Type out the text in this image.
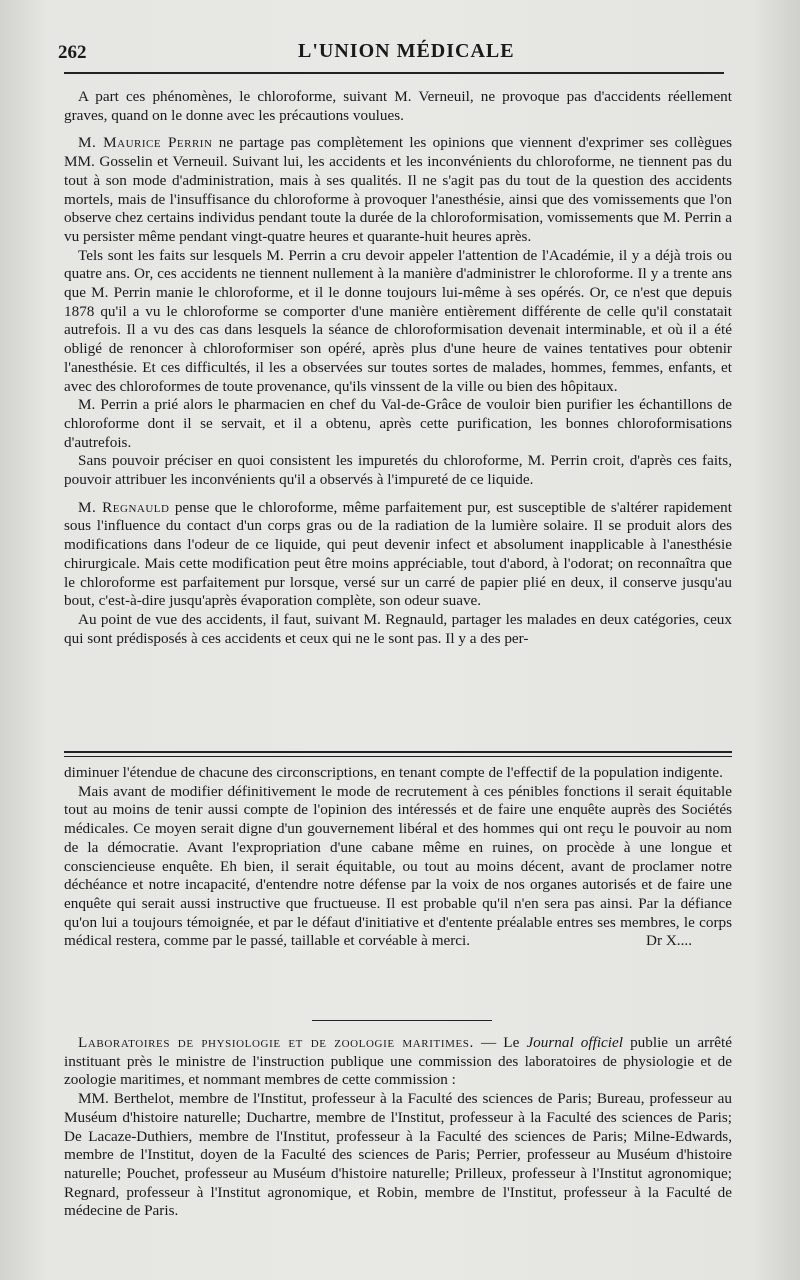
262	L'UNION MÉDICALE

A part ces phénomènes, le chloroforme, suivant M. Verneuil, ne provoque pas d'accidents réellement graves, quand on le donne avec les précautions voulues.

M. Maurice Perrin ne partage pas complètement les opinions que viennent d'exprimer ses collègues MM. Gosselin et Verneuil. Suivant lui, les accidents et les inconvénients du chloroforme, ne tiennent pas du tout à son mode d'administration, mais à ses qualités. Il ne s'agit pas du tout de la question des accidents mortels, mais de l'insuffisance du chloroforme à provoquer l'anesthésie, ainsi que des vomissements que l'on observe chez certains individus pendant toute la durée de la chloroformisation, vomissements que M. Perrin a vu persister même pendant vingt-quatre heures et quarante-huit heures après.

Tels sont les faits sur lesquels M. Perrin a cru devoir appeler l'attention de l'Académie, il y a déjà trois ou quatre ans. Or, ces accidents ne tiennent nullement à la manière d'administrer le chloroforme. Il y a trente ans que M. Perrin manie le chloroforme, et il le donne toujours lui-même à ses opérés. Or, ce n'est que depuis 1878 qu'il a vu le chloroforme se comporter d'une manière entièrement différente de celle qu'il constatait autrefois. Il a vu des cas dans lesquels la séance de chloroformisation devenait interminable, et où il a été obligé de renoncer à chloroformiser son opéré, après plus d'une heure de vaines tentatives pour obtenir l'anesthésie. Et ces difficultés, il les a observées sur toutes sortes de malades, hommes, femmes, enfants, et avec des chloroformes de toute provenance, qu'ils vinssent de la ville ou bien des hôpitaux.

M. Perrin a prié alors le pharmacien en chef du Val-de-Grâce de vouloir bien purifier les échantillons de chloroforme dont il se servait, et il a obtenu, après cette purification, les bonnes chloroformisations d'autrefois.

Sans pouvoir préciser en quoi consistent les impuretés du chloroforme, M. Perrin croit, d'après ces faits, pouvoir attribuer les inconvénients qu'il a observés à l'impureté de ce liquide.

M. Regnauld pense que le chloroforme, même parfaitement pur, est susceptible de s'altérer rapidement sous l'influence du contact d'un corps gras ou de la radiation de la lumière solaire. Il se produit alors des modifications dans l'odeur de ce liquide, qui peut devenir infect et absolument inapplicable à l'anesthésie chirurgicale. Mais cette modification peut être moins appréciable, tout d'abord, à l'odorat; on reconnaîtra que le chloroforme est parfaitement pur lorsque, versé sur un carré de papier plié en deux, il conserve jusqu'au bout, c'est-à-dire jusqu'après évaporation complète, son odeur suave.

Au point de vue des accidents, il faut, suivant M. Regnauld, partager les malades en deux catégories, ceux qui sont prédisposés à ces accidents et ceux qui ne le sont pas. Il y a des per-

diminuer l'étendue de chacune des circonscriptions, en tenant compte de l'effectif de la population indigente.

Mais avant de modifier définitivement le mode de recrutement à ces pénibles fonctions il serait équitable tout au moins de tenir aussi compte de l'opinion des intéressés et de faire une enquête auprès des Sociétés médicales. Ce moyen serait digne d'un gouvernement libéral et des hommes qui ont reçu le pouvoir au nom de la démocratie. Avant l'expropriation d'une cabane même en ruines, on procède à une longue et consciencieuse enquête. Eh bien, il serait équitable, ou tout au moins décent, avant de proclamer notre déchéance et notre incapacité, d'entendre notre défense par la voix de nos organes autorisés et de faire une enquête qui serait aussi instructive que fructueuse. Il est probable qu'il n'en sera pas ainsi. Par la défiance qu'on lui a toujours témoignée, et par le défaut d'initiative et d'entente préalable entres ses membres, le corps médical restera, comme par le passé, taillable et corvéable à merci.	Dr X....

Laboratoires de physiologie et de zoologie maritimes. — Le Journal officiel publie un arrêté instituant près le ministre de l'instruction publique une commission des laboratoires de physiologie et de zoologie maritimes, et nommant membres de cette commission :

MM. Berthelot, membre de l'Institut, professeur à la Faculté des sciences de Paris; Bureau, professeur au Muséum d'histoire naturelle; Duchartre, membre de l'Institut, professeur à la Faculté des sciences de Paris; De Lacaze-Duthiers, membre de l'Institut, professeur à la Faculté des sciences de Paris; Milne-Edwards, membre de l'Institut, doyen de la Faculté des sciences de Paris; Perrier, professeur au Muséum d'histoire naturelle; Pouchet, professeur au Muséum d'histoire naturelle; Prilleux, professeur à l'Institut agronomique; Regnard, professeur à l'Institut agronomique, et Robin, membre de l'Institut, professeur à la Faculté de médecine de Paris.
